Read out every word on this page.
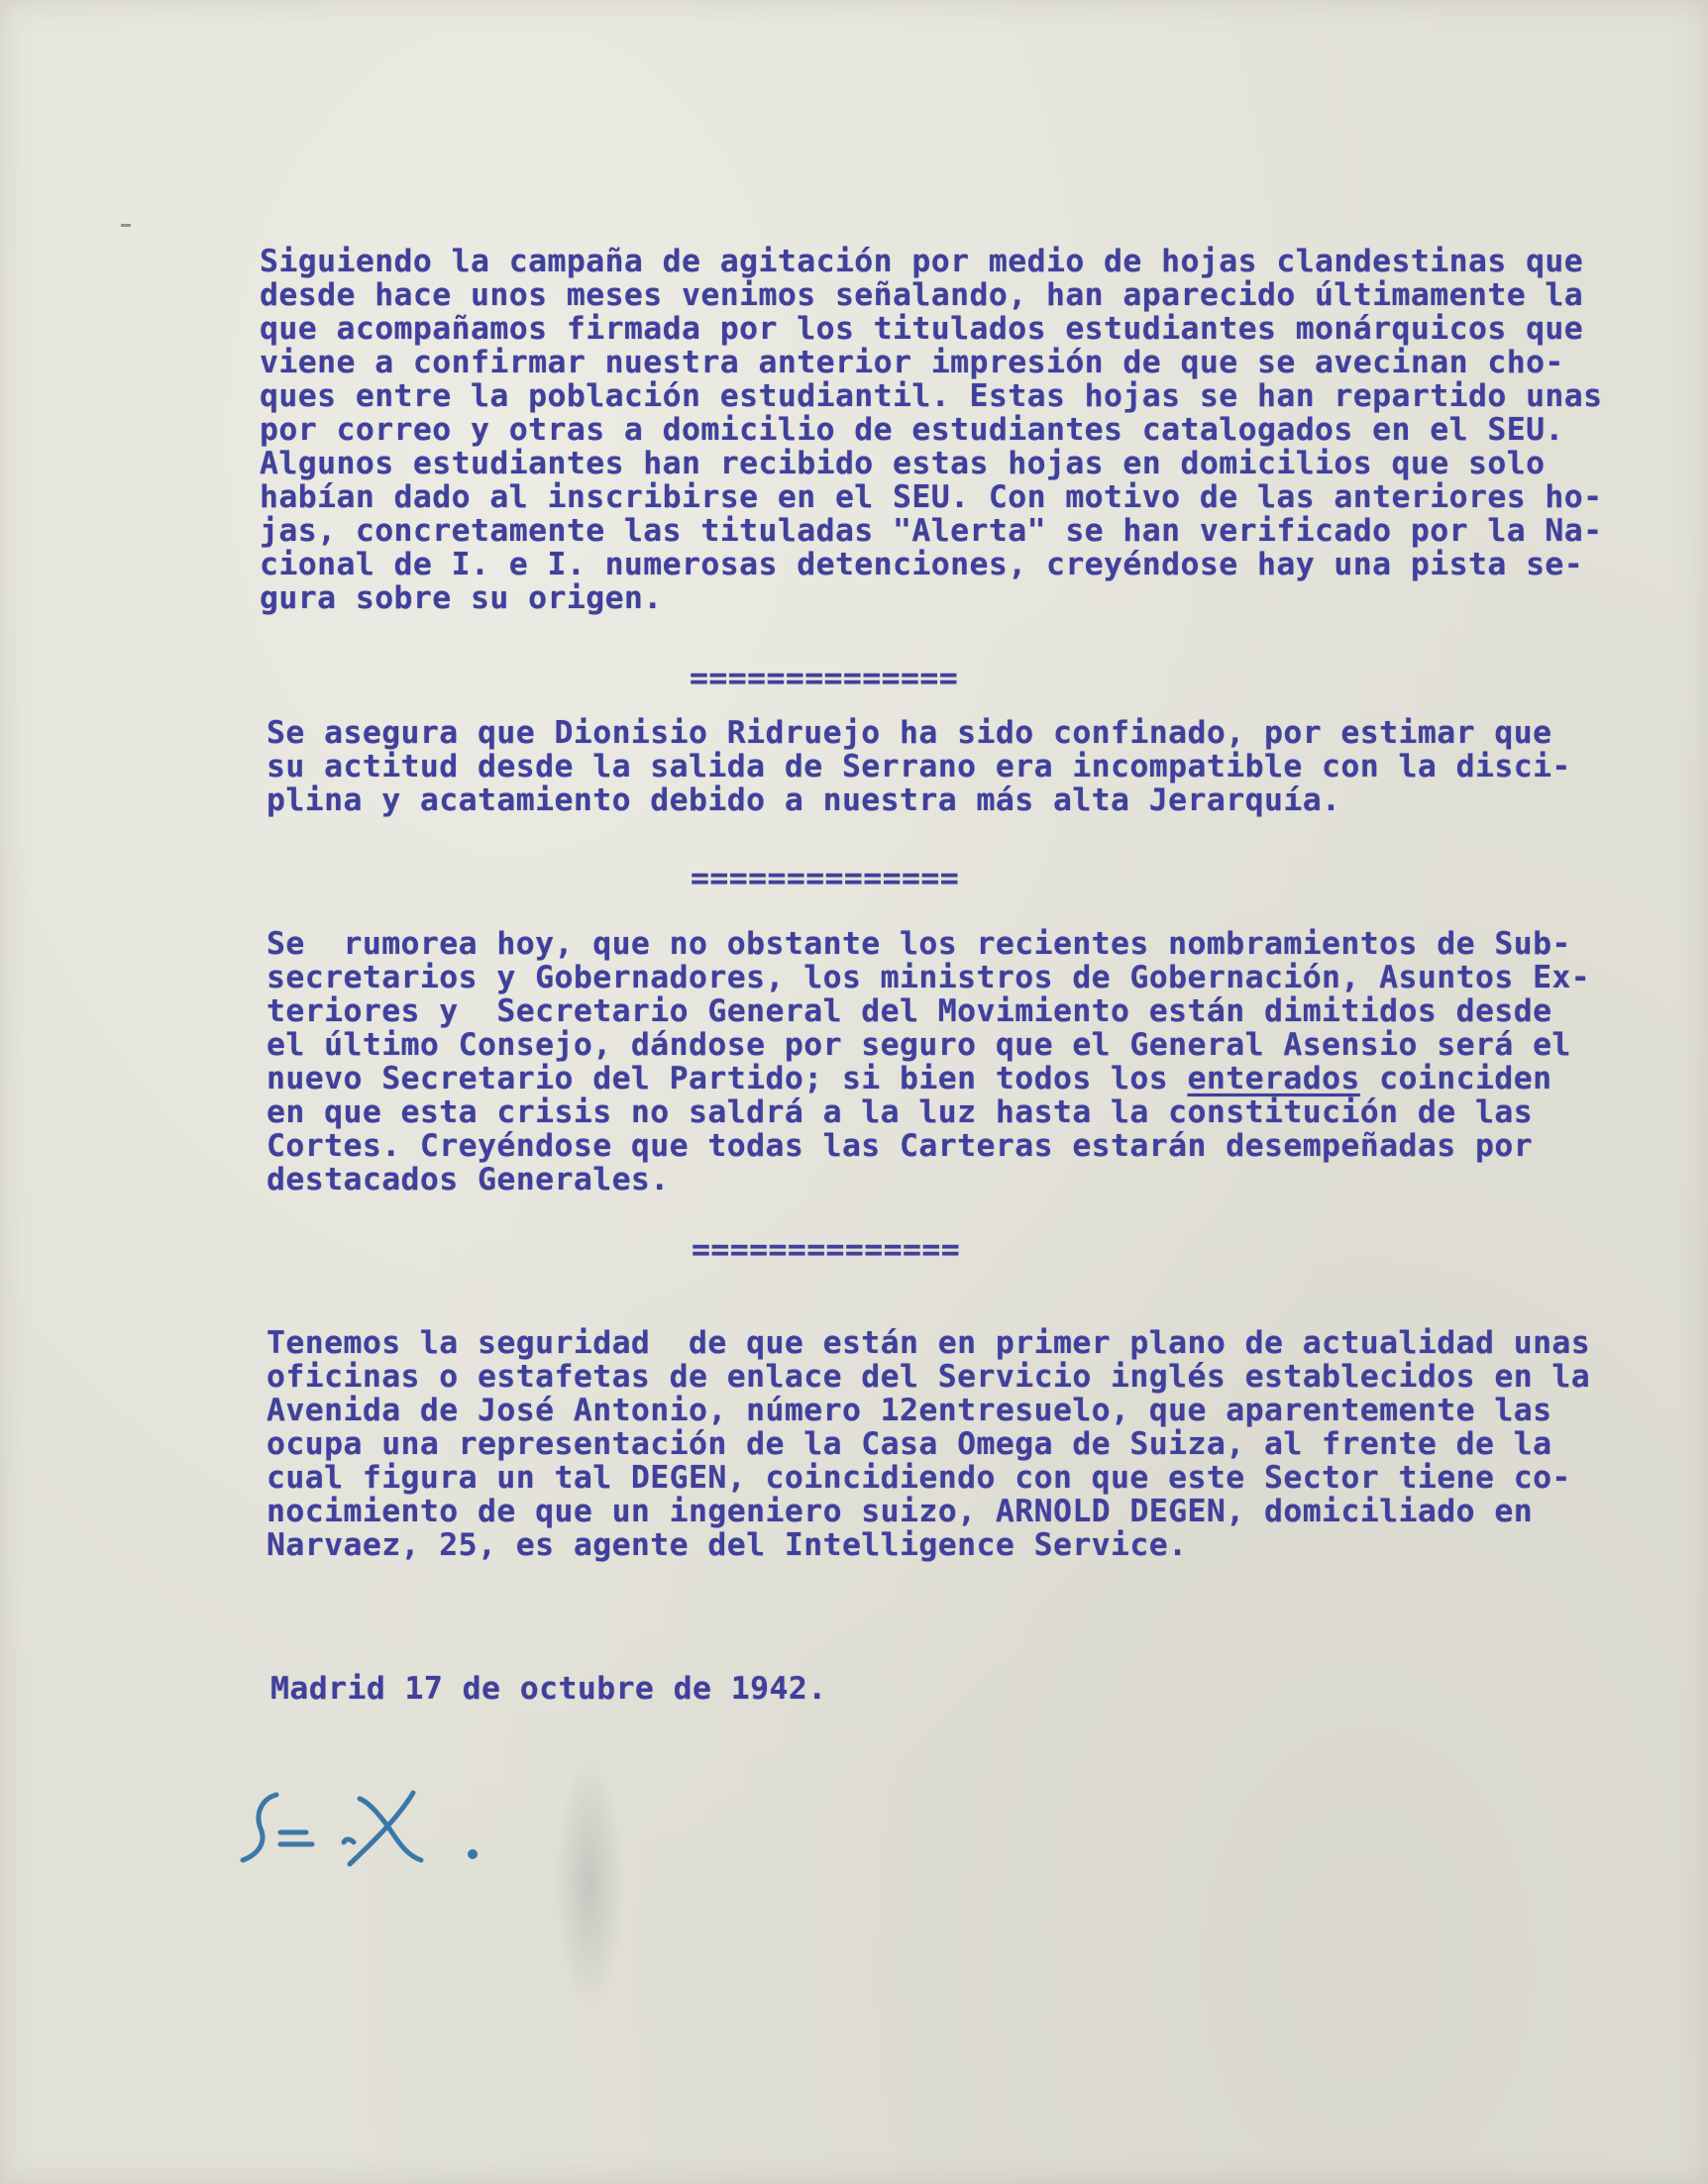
Siguiendo la campaña de agitación por medio de hojas clandestinas que
desde hace unos meses venimos señalando, han aparecido últimamente la
que acompañamos firmada por los titulados estudiantes monárquicos que
viene a confirmar nuestra anterior impresión de que se avecinan cho-
ques entre la población estudiantil. Estas hojas se han repartido unas
por correo y otras a domicilio de estudiantes catalogados en el SEU.
Algunos estudiantes han recibido estas hojas en domicilios que solo
habían dado al inscribirse en el SEU. Con motivo de las anteriores ho-
jas, concretamente las tituladas "Alerta" se han verificado por la Na-
cional de I. e I. numerosas detenciones, creyéndose hay una pista se-
gura sobre su origen.
==============
Se asegura que Dionisio Ridruejo ha sido confinado, por estimar que
su actitud desde la salida de Serrano era incompatible con la disci-
plina y acatamiento debido a nuestra más alta Jerarquía.
==============
Se  rumorea hoy, que no obstante los recientes nombramientos de Sub-
secretarios y Gobernadores, los ministros de Gobernación, Asuntos Ex-
teriores y  Secretario General del Movimiento están dimitidos desde
el último Consejo, dándose por seguro que el General Asensio será el
nuevo Secretario del Partido; si bien todos los enterados coinciden
en que esta crisis no saldrá a la luz hasta la constitución de las
Cortes. Creyéndose que todas las Carteras estarán desempeñadas por
destacados Generales.
==============
Tenemos la seguridad  de que están en primer plano de actualidad unas
oficinas o estafetas de enlace del Servicio inglés establecidos en la
Avenida de José Antonio, número 12entresuelo, que aparentemente las
ocupa una representación de la Casa Omega de Suiza, al frente de la
cual figura un tal DEGEN, coincidiendo con que este Sector tiene co-
nocimiento de que un ingeniero suizo, ARNOLD DEGEN, domiciliado en
Narvaez, 25, es agente del Intelligence Service.
Madrid 17 de octubre de 1942.
